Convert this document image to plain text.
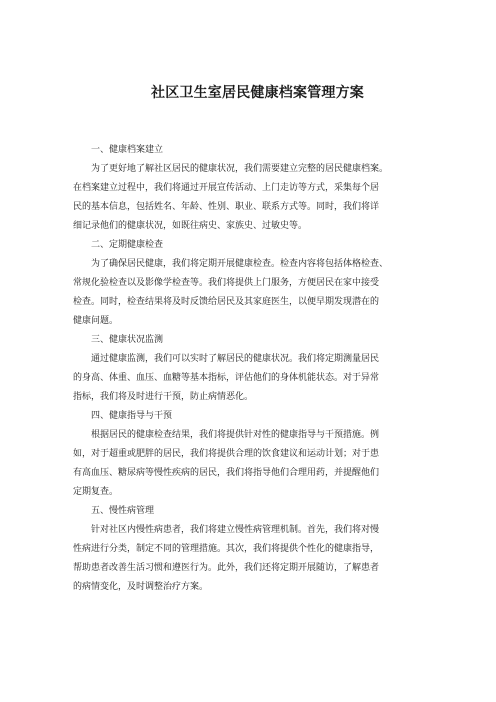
社区卫生室居民健康档案管理方案

一、健康档案建立

为了更好地了解社区居民的健康状况，我们需要建立完整的居民健康档案。
在档案建立过程中，我们将通过开展宣传活动、上门走访等方式，采集每个居
民的基本信息，包括姓名、年龄、性别、职业、联系方式等。同时，我们将详
细记录他们的健康状况，如既往病史、家族史、过敏史等。

二、定期健康检查

为了确保居民健康，我们将定期开展健康检查。检查内容将包括体格检查、
常规化验检查以及影像学检查等。我们将提供上门服务，方便居民在家中接受
检查。同时，检查结果将及时反馈给居民及其家庭医生，以便早期发现潜在的
健康问题。

三、健康状况监测

通过健康监测，我们可以实时了解居民的健康状况。我们将定期测量居民
的身高、体重、血压、血糖等基本指标，评估他们的身体机能状态。对于异常
指标，我们将及时进行干预，防止病情恶化。

四、健康指导与干预

根据居民的健康检查结果，我们将提供针对性的健康指导与干预措施。例
如，对于超重或肥胖的居民，我们将提供合理的饮食建议和运动计划；对于患
有高血压、糖尿病等慢性疾病的居民，我们将指导他们合理用药，并提醒他们
定期复查。

五、慢性病管理

针对社区内慢性病患者，我们将建立慢性病管理机制。首先，我们将对慢
性病进行分类，制定不同的管理措施。其次，我们将提供个性化的健康指导，
帮助患者改善生活习惯和遵医行为。此外，我们还将定期开展随访，了解患者
的病情变化，及时调整治疗方案。
